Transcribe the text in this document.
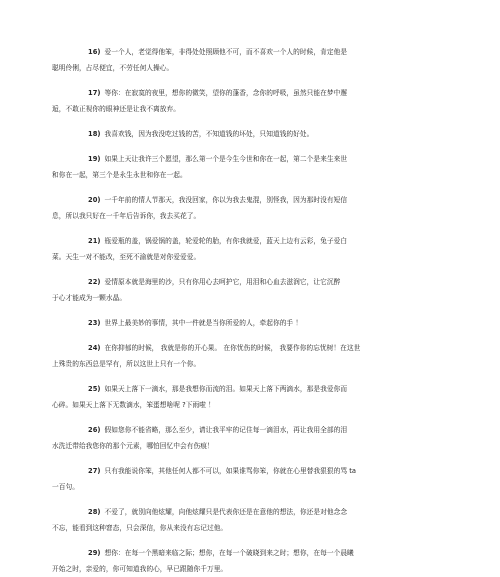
16) 爱一个人，老觉得他笨，非得处处照顾他不可，而不喜欢一个人的时候，肯定他是
聪明伶俐，占尽便宜，不劳任何人操心。
17) 等你：在寂寞的夜里，想你的微笑，望你的蓬香，念你的呼吸，虽然只能在梦中邂
逅，不敢正视你的眼神还是让我不离放弃。
18) 我喜欢钱，因为我没吃过钱的苦，不知道钱的坏处，只知道钱的好处。
19) 如果上天让我许三个愿望，那么第一个是今生今世和你在一起，第二个是来生来世
和你在一起，第三个是永生永世和你在一起。
20) 一千年前的情人节那天，我没回家，你以为我去鬼混，别怪我，因为那时没有短信
息，所以我只好在一千年后告诉你，我去买花了。
21) 瓶爱瓶的盖，锅爱锅的盖，轮爱轮的胎，有你我就爱，蓝天上边有云彩，兔子爱白
菜。天生一对不能改，至死不渝就是对你爱爱爱。
22) 爱情原本就是海里的沙，只有你用心去呵护它，用泪和心血去滋润它，让它沉醉
于心才能成为一颗水晶。
23) 世界上最美妙的事情，其中一件就是当你所爱的人，牵起你的手 ！
24) 在你抑郁的时候， 我就是你的开心果。 在你忧伤的时候， 我要作你的忘忧树！在这世
上殊贵的东西总是罕有，所以这世上只有一个你。
25) 如果天上落下一滴水，那是我想你而流的泪。如果天上落下两滴水，那是我爱你而
心碎。如果天上落下无数滴水，笨蛋想啥呢 ?下雨啦 ！
26) 假如您你不能省略，那么至少，请让我平牢的记住每一滴泪水，再让我用全部的泪
水洗迁带给我您你的那个元素，哪怕回忆中会有伤痕！
27) 只有我能说你笨，其他任何人都不可以，如果谁骂你笨，你就在心里替我狠狠的骂 ta
一百句。
28) 不爱了，就别向他炫耀，向他炫耀只是代表你还是在意他的想法，你还是对他念念
不忘，能看到这种窘态，只会深信，你从来没有忘记过他。
29) 想你：在每一个黑暗来临之际；想你，在每一个破晓到来之时；想你，在每一个晨曦
开始之时，亲爱的，你可知道我的心，早已跟随你千万里。
